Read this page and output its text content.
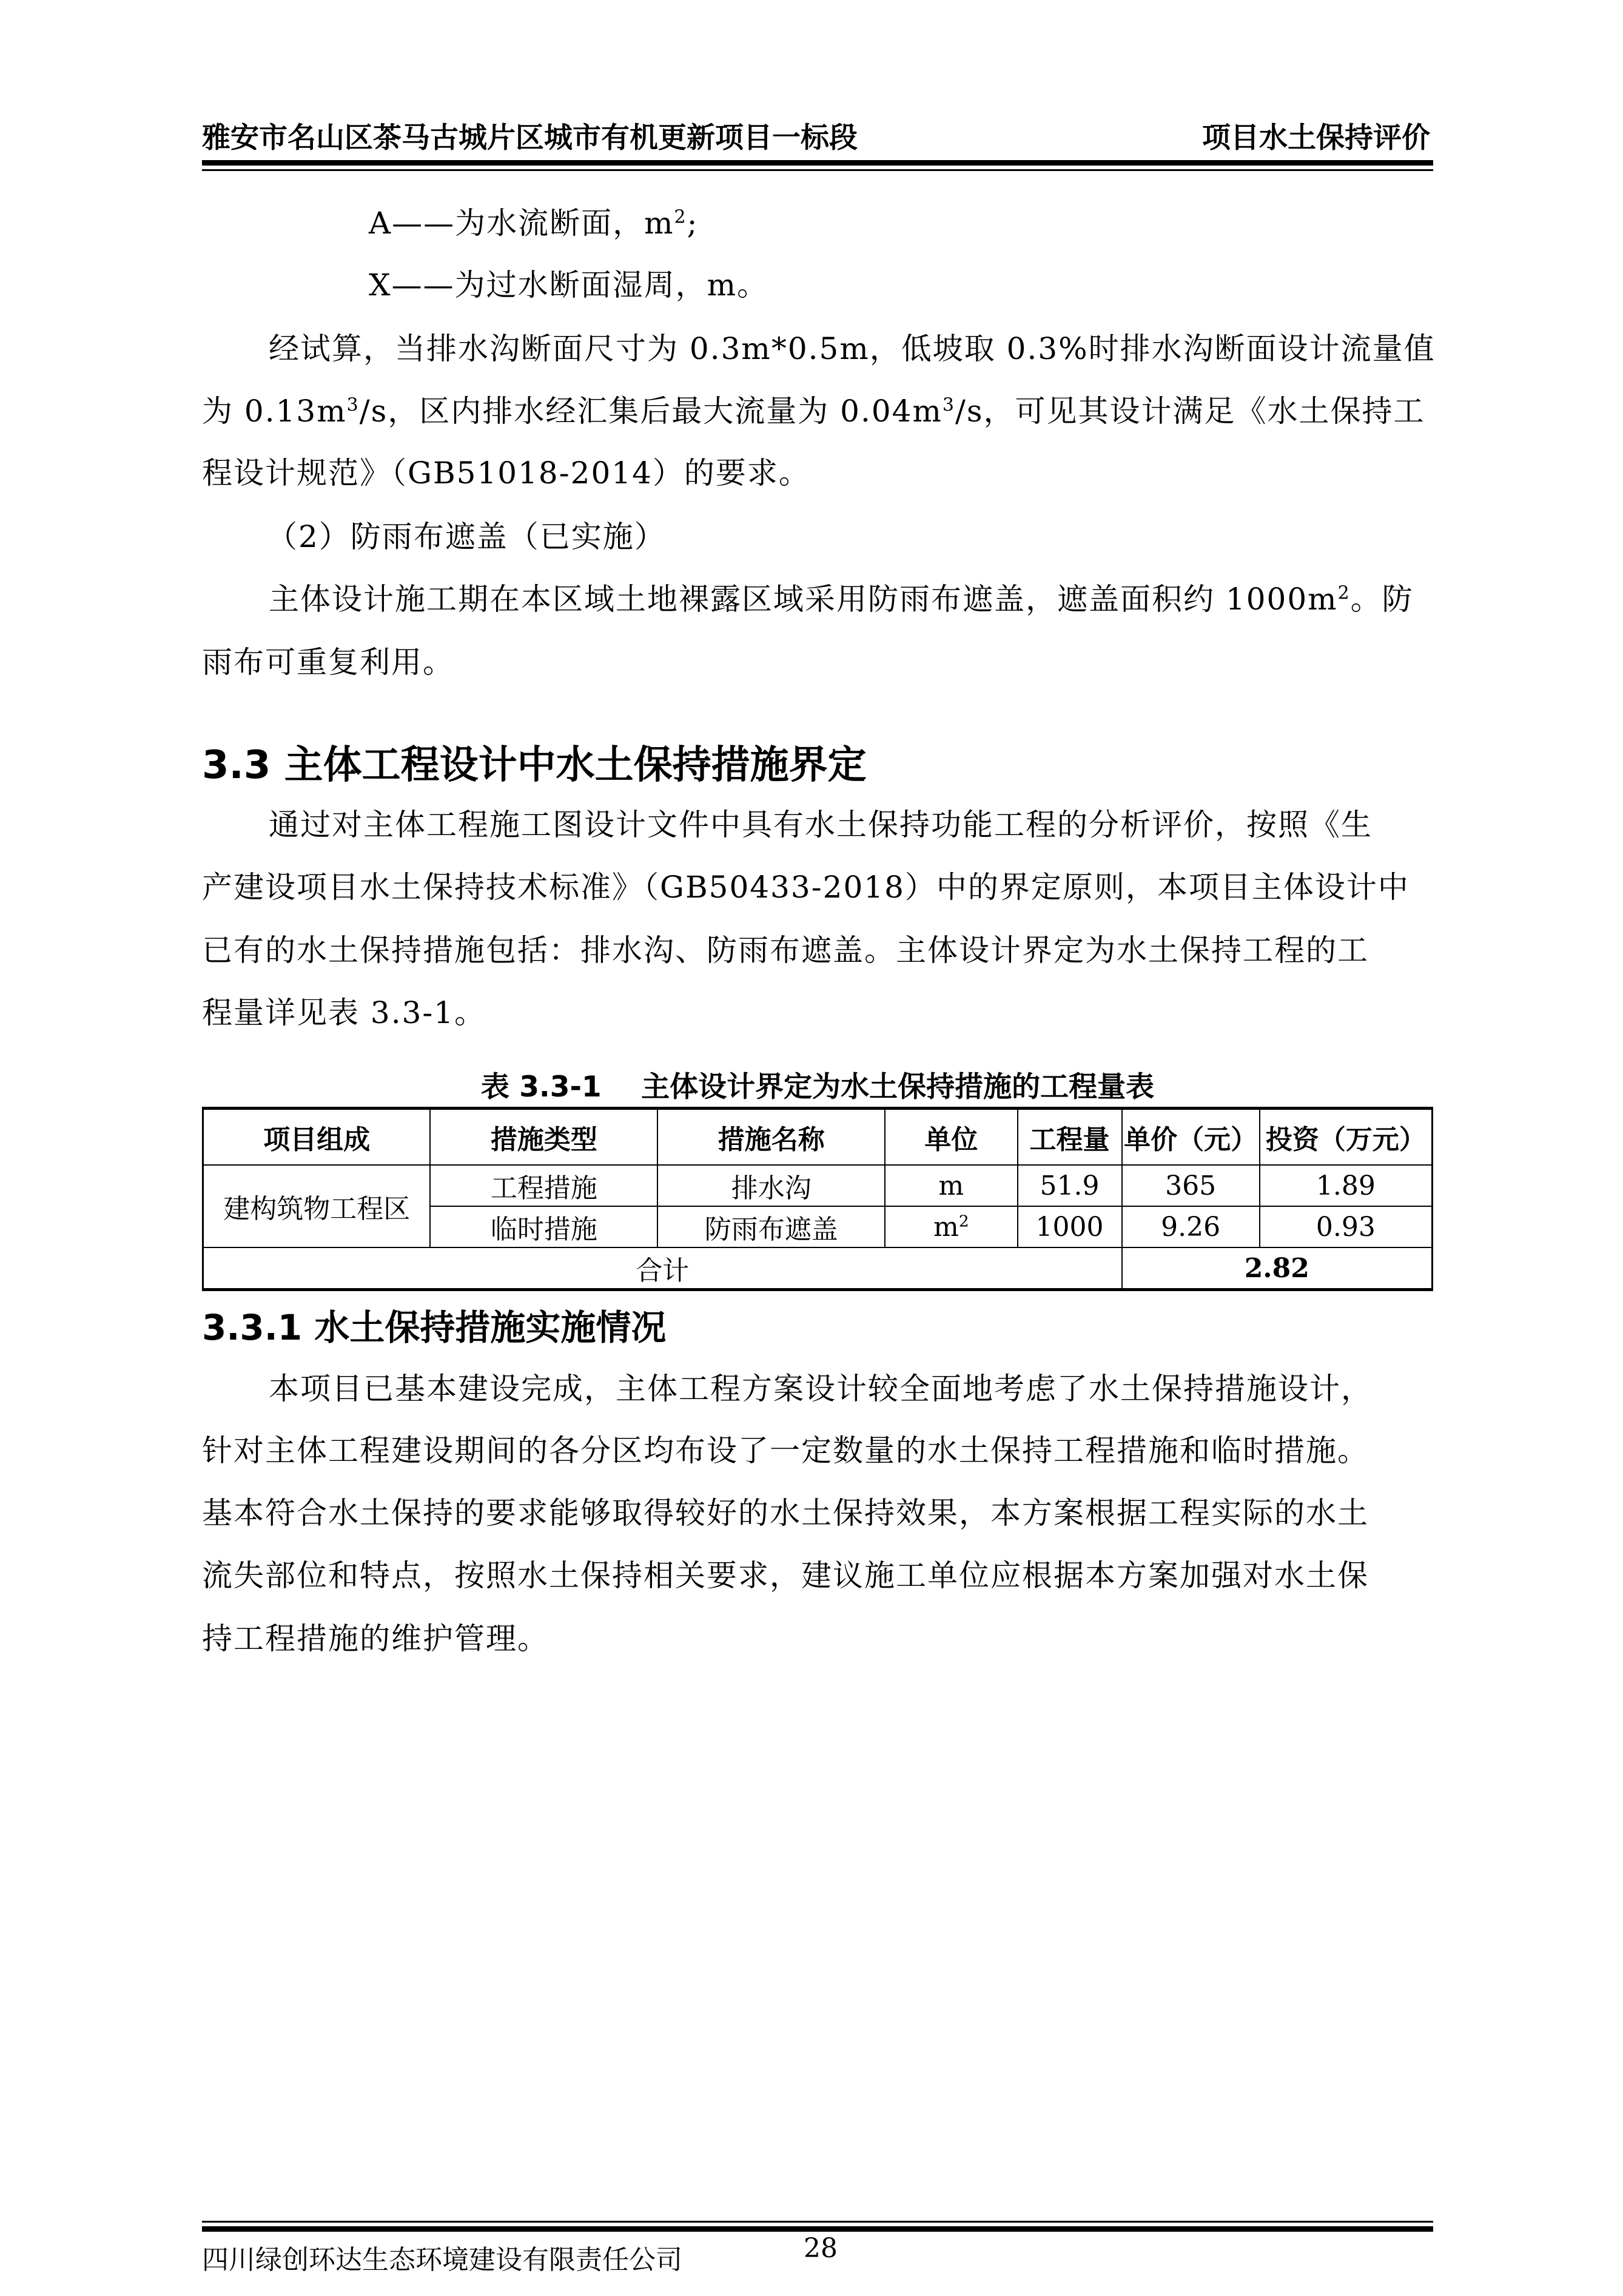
雅安市名山区茶马古城片区城市有机更新项目一标段	项目水土保持评价
A——为水流断面，$m^2$;
X——为过水断面湿周，m。
经试算，当排水沟断面尺寸为 0.3m*0.5m，低坡取 0.3%时排水沟断面设计流量值
为 $0.13m^3/s$，区内排水经汇集后最大流量为 $0.04m^3/s$，可见其设计满足《水土保持工
程设计规范》（GB51018-2014）的要求。
（2）防雨布遮盖（已实施）
主体设计施工期在本区域土地裸露区域采用防雨布遮盖，遮盖面积约 $1000m^2$。防
雨布可重复利用。
3.3 主体工程设计中水土保持措施界定
通过对主体工程施工图设计文件中具有水土保持功能工程的分析评价，按照《生
产建设项目水土保持技术标准》（GB50433-2018）中的界定原则，本项目主体设计中
已有的水土保持措施包括：排水沟、防雨布遮盖。主体设计界定为水土保持工程的工
程量详见表 3.3-1。
表 3.3-1    主体设计界定为水土保持措施的工程量表
项目组成	措施类型	措施名称	单位	工程量	单价（元）	投资（万元）
建构筑物工程区	工程措施	排水沟	m	51.9	365	1.89
	临时措施	防雨布遮盖	$m^2$	1000	9.26	0.93
合计					2.82	
3.3.1 水土保持措施实施情况
本项目已基本建设完成，主体工程方案设计较全面地考虑了水土保持措施设计，
针对主体工程建设期间的各分区均布设了一定数量的水土保持工程措施和临时措施。
基本符合水土保持的要求能够取得较好的水土保持效果，本方案根据工程实际的水土
流失部位和特点，按照水土保持相关要求，建议施工单位应根据本方案加强对水土保
持工程措施的维护管理。
四川绿创环达生态环境建设有限责任公司	28
